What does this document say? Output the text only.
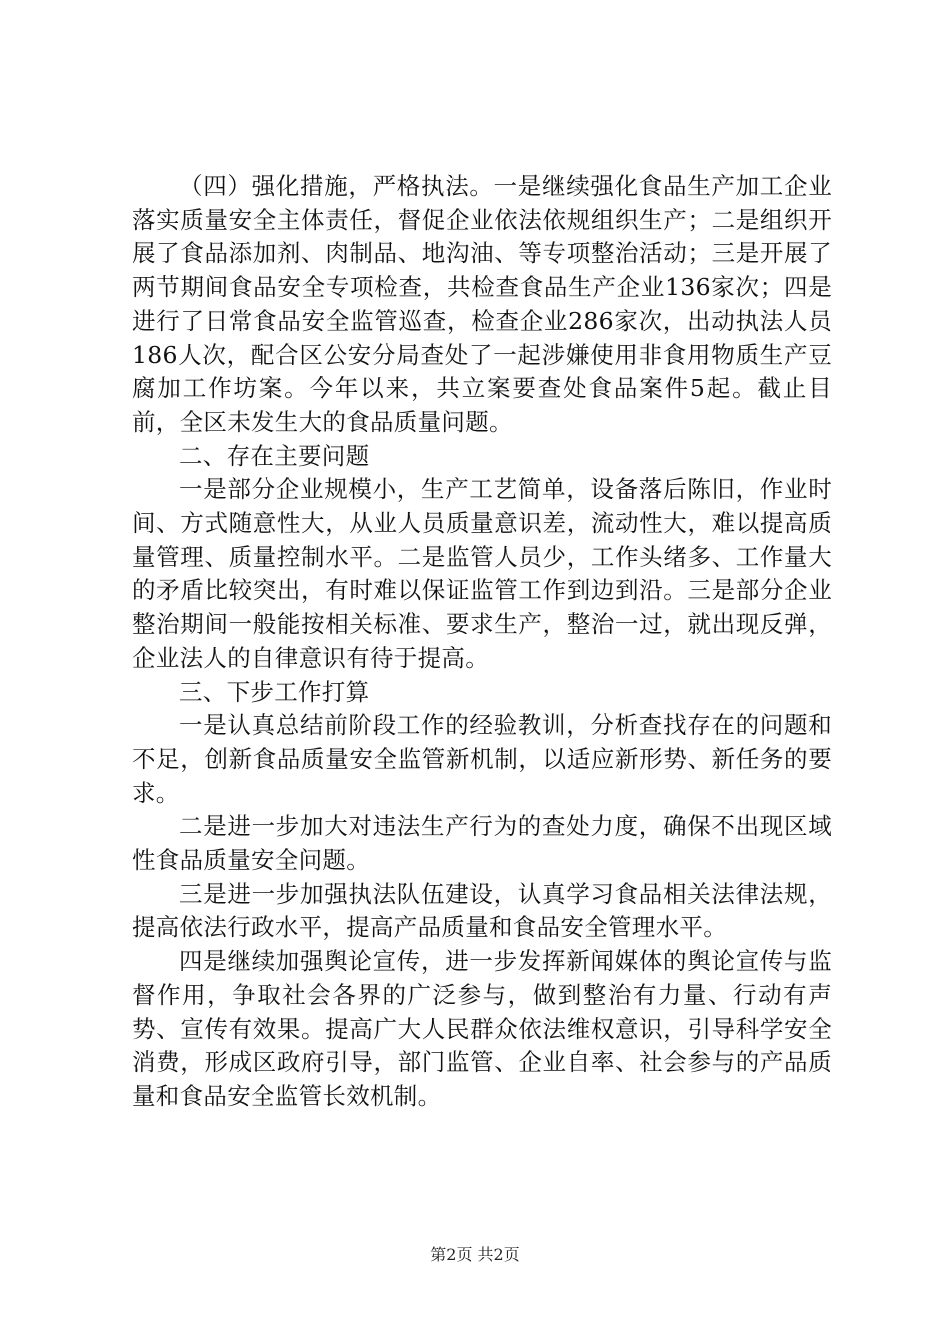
（四）强化措施，严格执法。一是继续强化食品生产加工企业落实质量安全主体责任，督促企业依法依规组织生产；二是组织开展了食品添加剂、肉制品、地沟油、等专项整治活动；三是开展了两节期间食品安全专项检查，共检查食品生产企业136家次；四是进行了日常食品安全监管巡查，检查企业286家次，出动执法人员186人次，配合区公安分局查处了一起涉嫌使用非食用物质生产豆腐加工作坊案。今年以来，共立案要查处食品案件5起。截止目前，全区未发生大的食品质量问题。

二、存在主要问题

一是部分企业规模小，生产工艺简单，设备落后陈旧，作业时间、方式随意性大，从业人员质量意识差，流动性大，难以提高质量管理、质量控制水平。二是监管人员少，工作头绪多、工作量大的矛盾比较突出，有时难以保证监管工作到边到沿。三是部分企业整治期间一般能按相关标准、要求生产，整治一过，就出现反弹，企业法人的自律意识有待于提高。

三、下步工作打算

一是认真总结前阶段工作的经验教训，分析查找存在的问题和不足，创新食品质量安全监管新机制，以适应新形势、新任务的要求。

二是进一步加大对违法生产行为的查处力度，确保不出现区域性食品质量安全问题。

三是进一步加强执法队伍建设，认真学习食品相关法律法规，提高依法行政水平，提高产品质量和食品安全管理水平。

四是继续加强舆论宣传，进一步发挥新闻媒体的舆论宣传与监督作用，争取社会各界的广泛参与，做到整治有力量、行动有声势、宣传有效果。提高广大人民群众依法维权意识，引导科学安全消费，形成区政府引导，部门监管、企业自率、社会参与的产品质量和食品安全监管长效机制。

第2页 共2页
